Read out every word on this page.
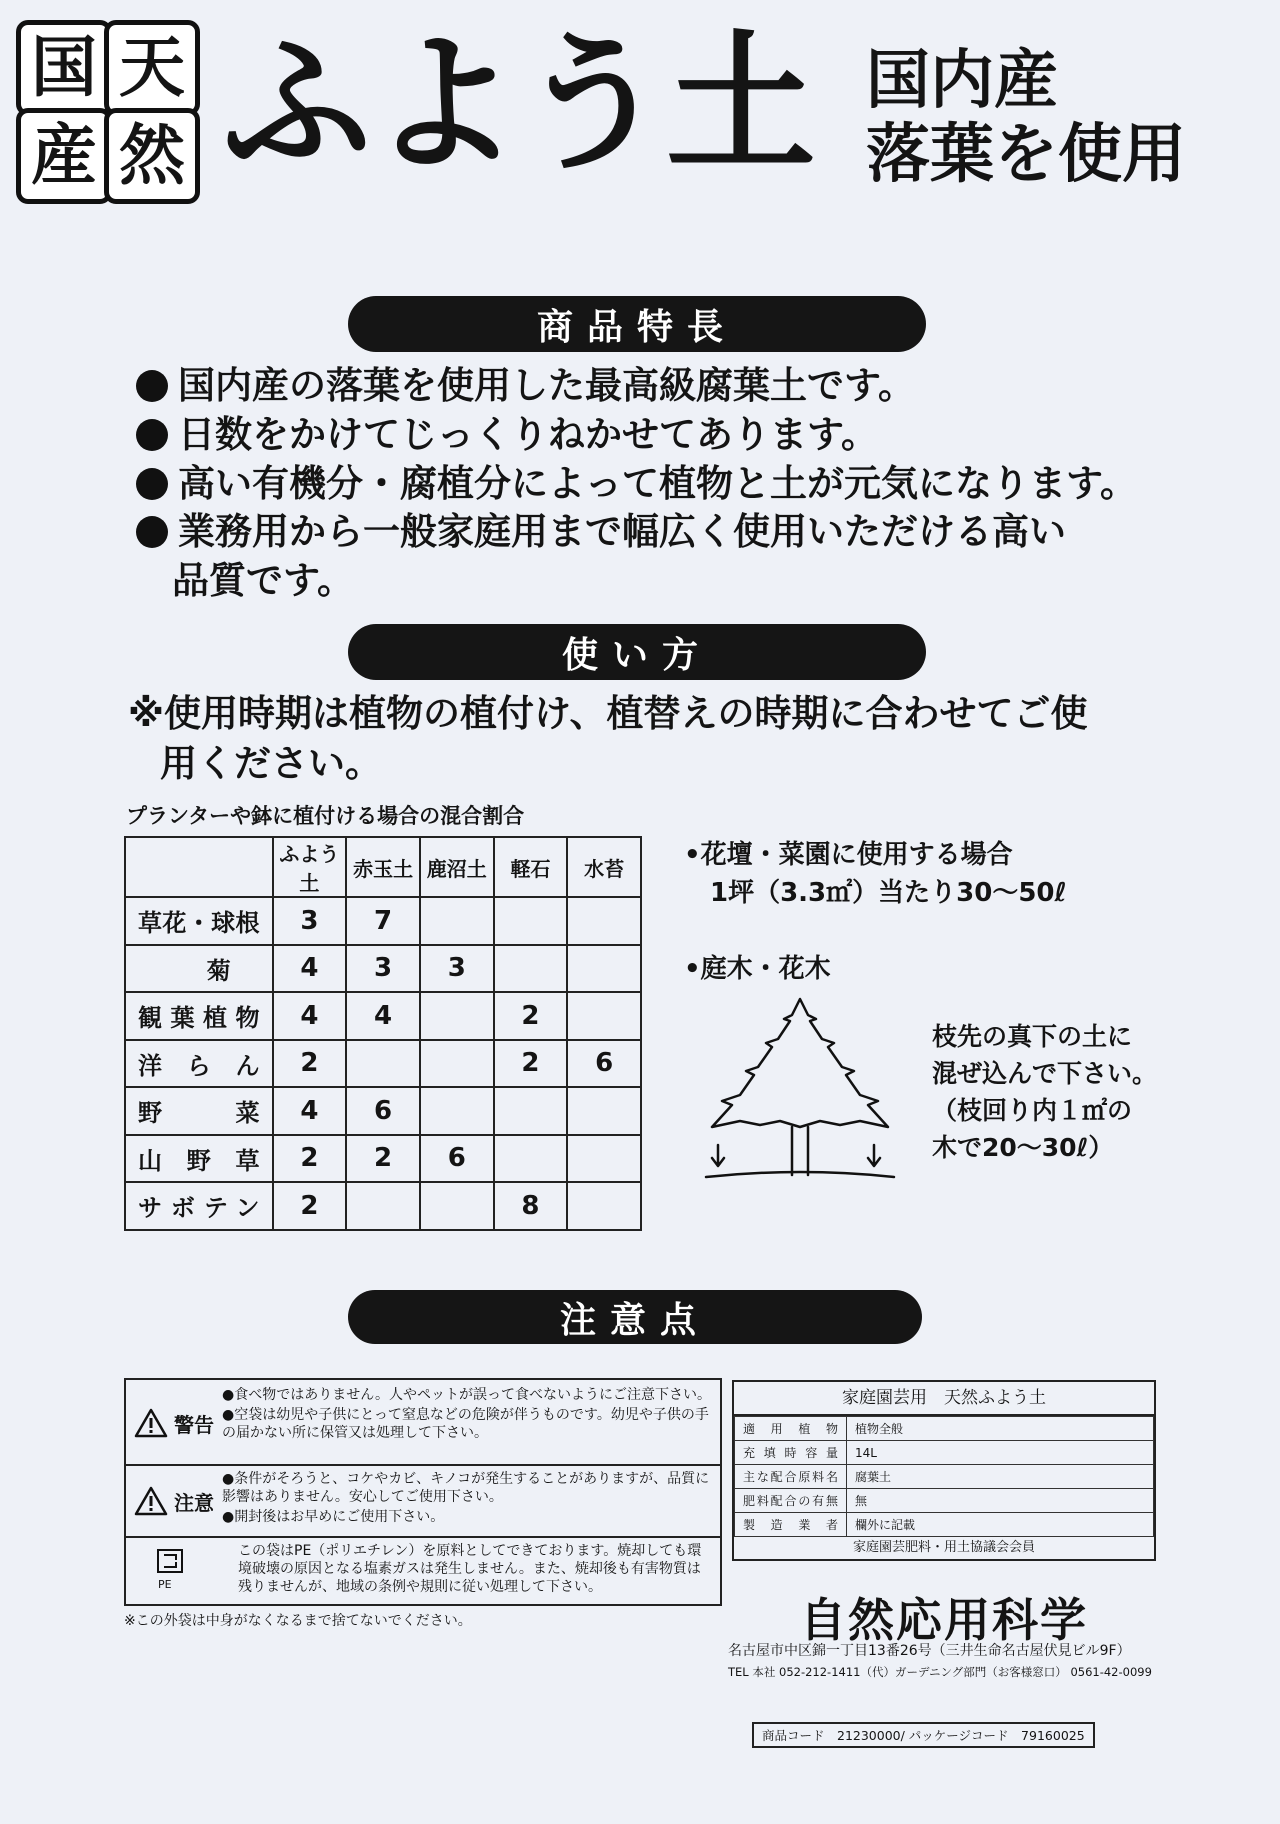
国
産
天
然 ふよう土 国内産
落葉を使用
商品特長
国内産の落葉を使用した最高級腐葉土です。
日数をかけてじっくりねかせてあります。
高い有機分・腐植分によって植物と土が元気になります。
業務用から一般家庭用まで幅広く使用いただける高い
品質です。
使い方
※使用時期は植物の植付け、植替えの時期に合わせてご使
用ください。
プランターや鉢に植付ける場合の混合割合
	ふよう土	赤玉土	鹿沼土	軽石	水苔
草花・球根	3	7			
菊	4	3	3		
観葉植物	4	4		2	
洋らん	2			2	6
野菜	4	6			
山野草	2	2	6		
サボテン	2			8	
•花壇・菜園に使用する場合
1坪（3.3㎡）当たり30〜50ℓ
•庭木・花木
枝先の真下の土に
混ぜ込んで下さい。
（枝回り内１㎡の
木で20〜30ℓ）
注意点
警告
●食べ物ではありません。人やペットが誤って食べないようにご注意下さい。
●空袋は幼児や子供にとって窒息などの危険が伴うものです。幼児や子供の手の届かない所に保管又は処理して下さい。
注意
●条件がそろうと、コケやカビ、キノコが発生することがありますが、品質に影響はありません。安心してご使用下さい。
●開封後はお早めにご使用下さい。
PE
この袋はPE（ポリエチレン）を原料としてできております。焼却しても環境破壊の原因となる塩素ガスは発生しません。また、焼却後も有害物質は残りませんが、地域の条例や規則に従い処理して下さい。
※この外袋は中身がなくなるまで捨てないでください。
家庭園芸用　天然ふよう土
適用植物	植物全般
充填時容量	14L
主な配合原料名	腐葉土
肥料配合の有無	無
製造業者	欄外に記載
家庭園芸肥料・用土協議会会員
自然応用科学
名古屋市中区錦一丁目13番26号（三井生命名古屋伏見ビル9F）
TEL 本社 052-212-1411（代）ガーデニング部門（お客様窓口） 0561-42-0099
商品コード　21230000/ パッケージコード　79160025
